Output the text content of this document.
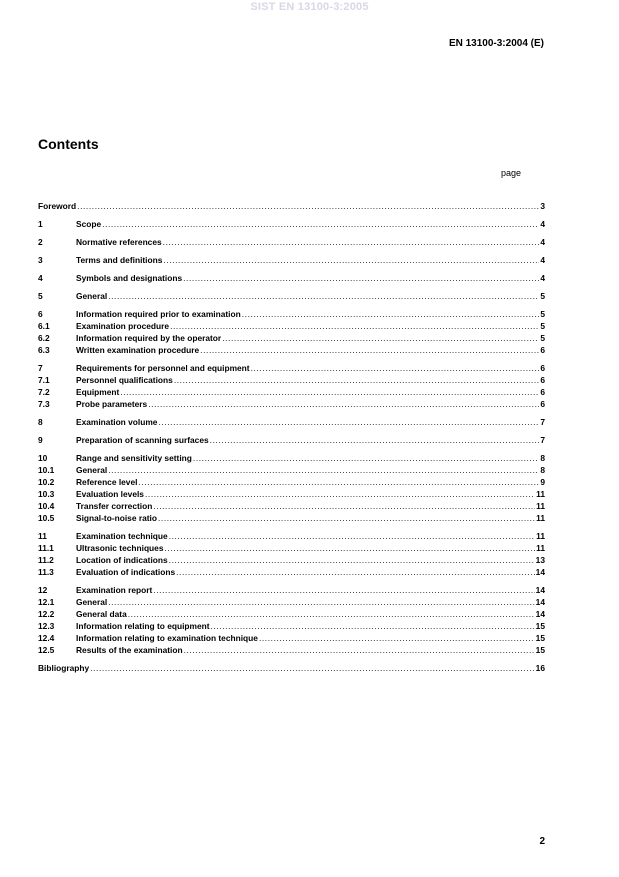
SIST EN 13100-3:2005
EN 13100-3:2004 (E)
Contents
page
Foreword .....	3
1	Scope .....	4
2	Normative references .....	4
3	Terms and definitions .....	4
4	Symbols and designations .....	4
5	General .....	5
6	Information required prior to examination .....	5
6.1	Examination procedure .....	5
6.2	Information required by the operator .....	5
6.3	Written examination procedure .....	6
7	Requirements for personnel and equipment .....	6
7.1	Personnel qualifications .....	6
7.2	Equipment .....	6
7.3	Probe parameters .....	6
8	Examination volume .....	7
9	Preparation of scanning surfaces .....	7
10	Range and sensitivity setting .....	8
10.1	General .....	8
10.2	Reference level .....	9
10.3	Evaluation levels .....	11
10.4	Transfer correction .....	11
10.5	Signal-to-noise ratio .....	11
11	Examination technique .....	11
11.1	Ultrasonic techniques .....	11
11.2	Location of indications .....	13
11.3	Evaluation of indications .....	14
12	Examination report .....	14
12.1	General .....	14
12.2	General data .....	14
12.3	Information relating to equipment .....	15
12.4	Information relating to examination technique .....	15
12.5	Results of the examination .....	15
Bibliography .....	16
2
